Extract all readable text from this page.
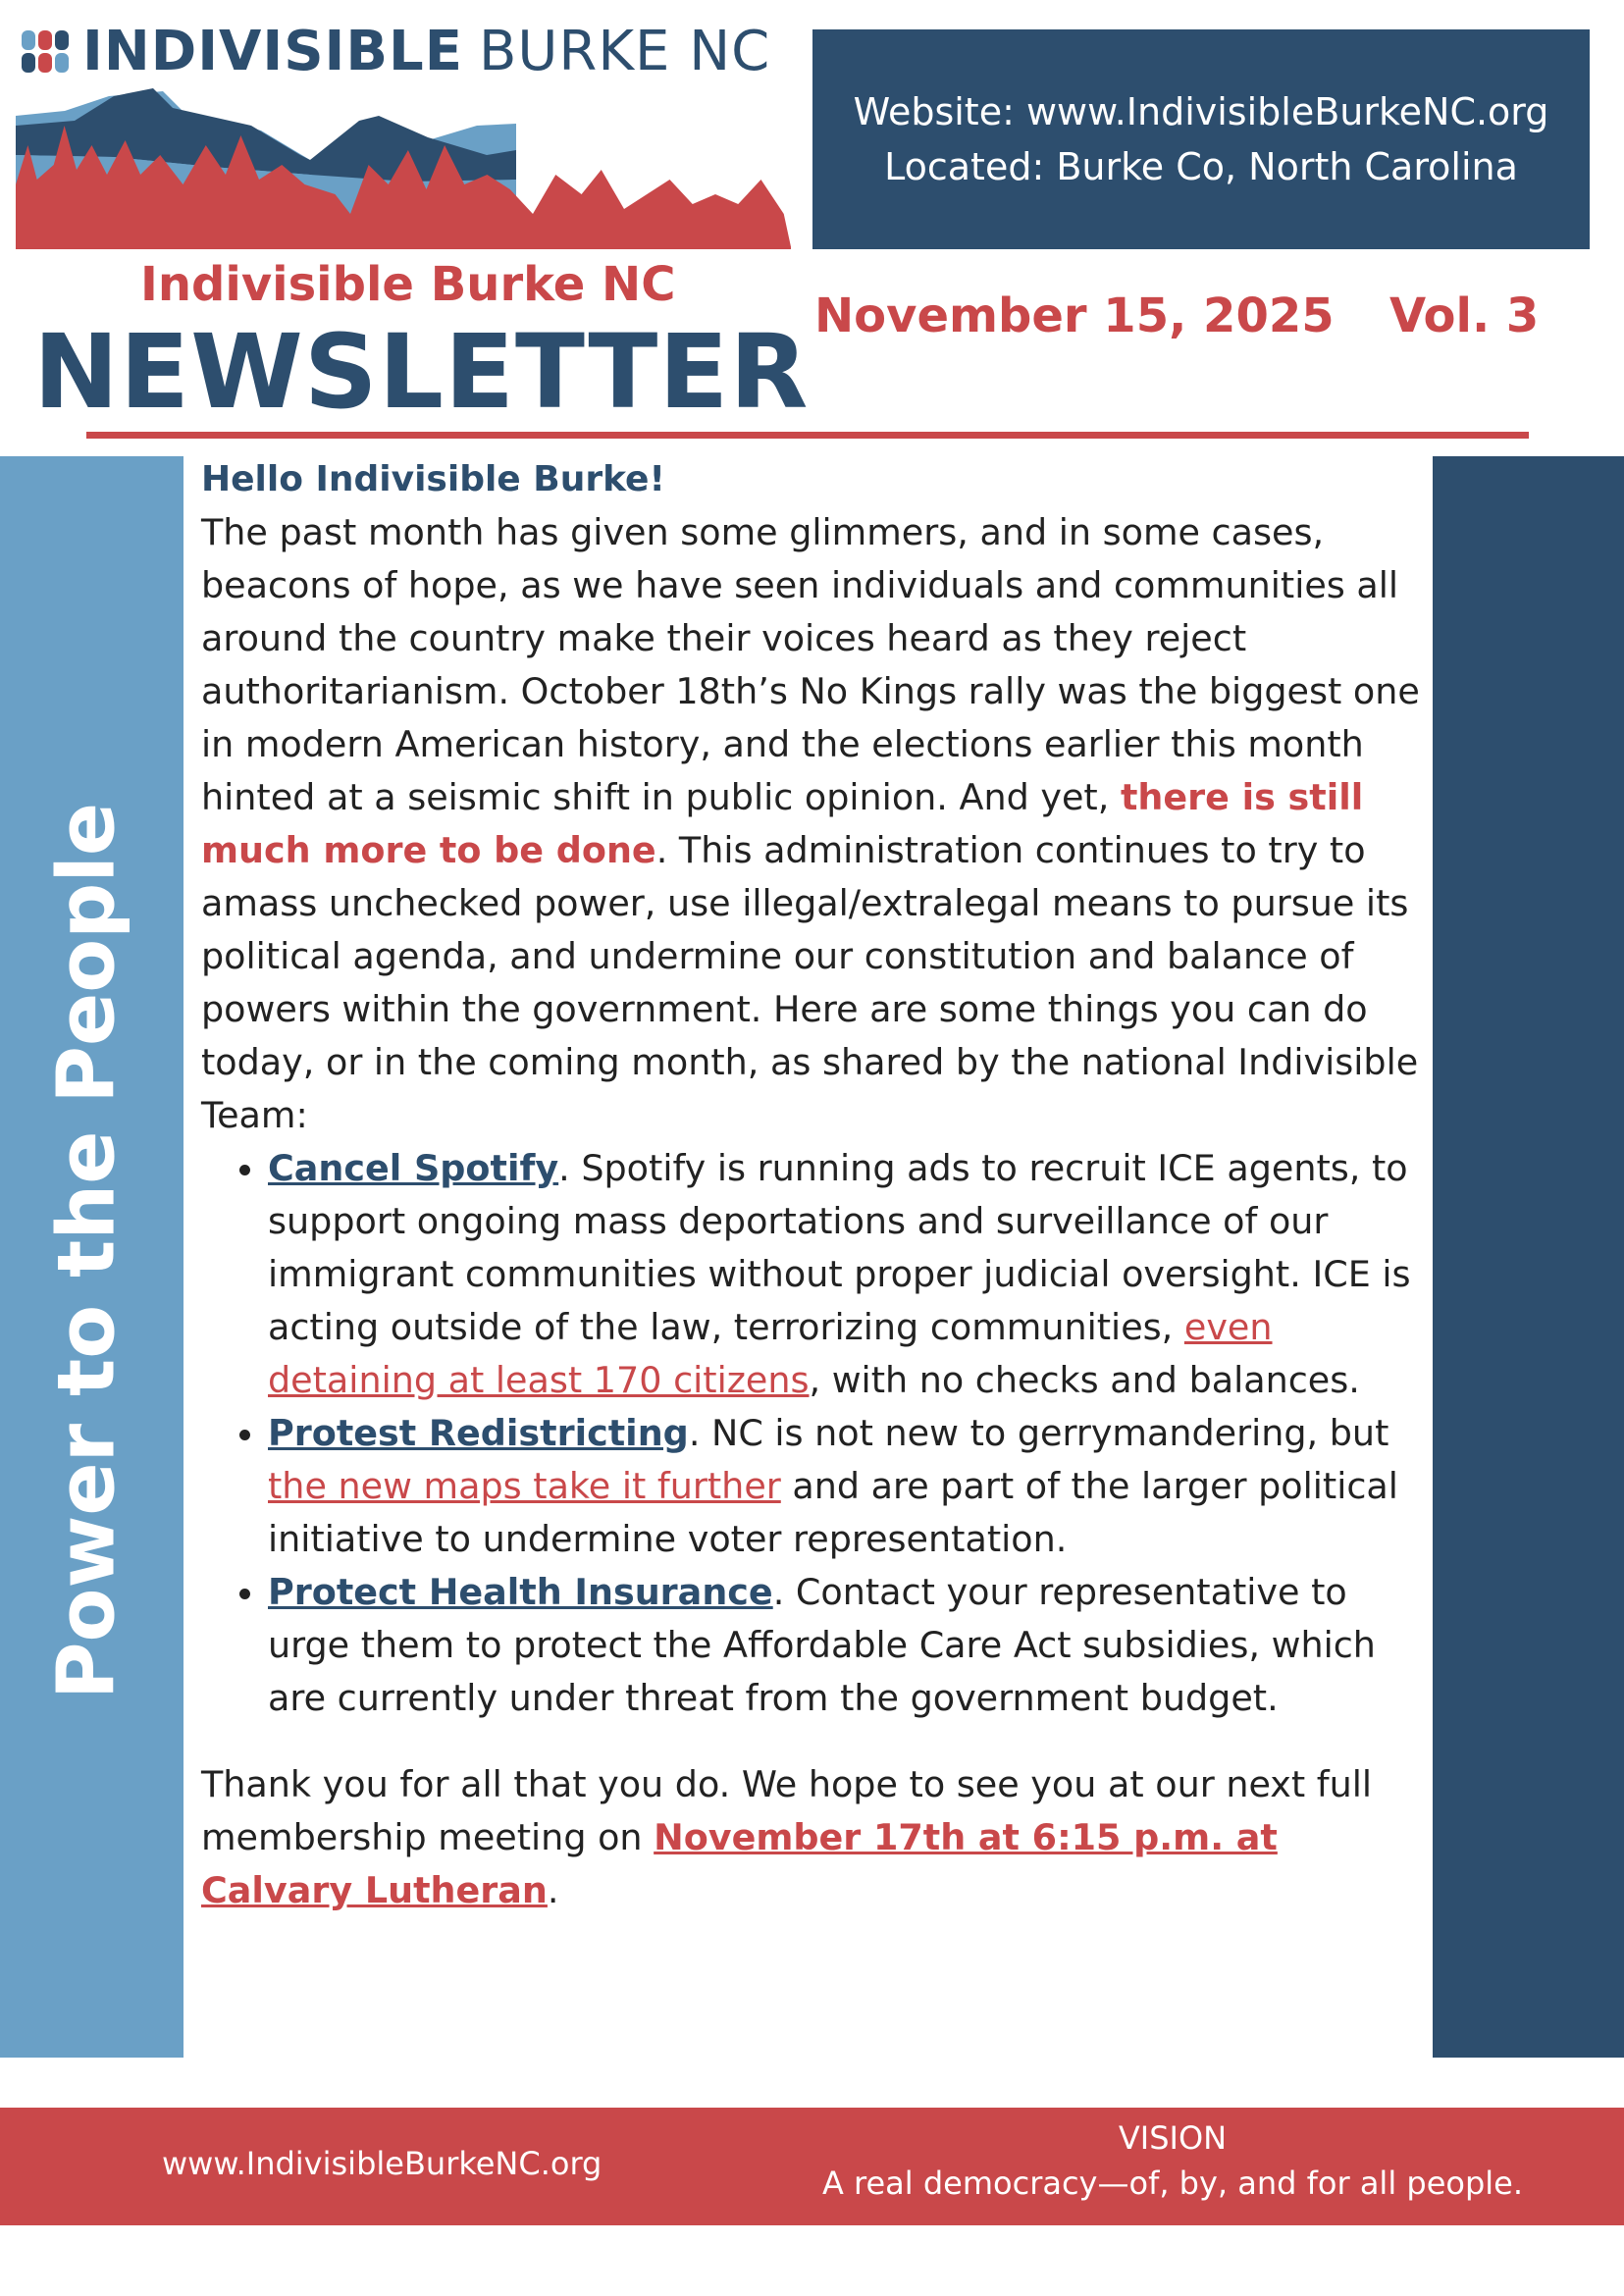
INDIVISIBLE BURKE NC
Website: www.IndivisibleBurkeNC.org
Located: Burke Co, North Carolina
Indivisible Burke NC
NEWSLETTER November 15, 2025 Vol. 3
Power to the People

Hello Indivisible Burke!

The past month has given some glimmers, and in some cases, beacons of hope, as we have seen individuals and communities all around the country make their voices heard as they reject authoritarianism. October 18th’s No Kings rally was the biggest one in modern American history, and the elections earlier this month hinted at a seismic shift in public opinion. And yet, there is still much more to be done. This administration continues to try to amass unchecked power, use illegal/extralegal means to pursue its political agenda, and undermine our constitution and balance of powers within the government. Here are some things you can do today, or in the coming month, as shared by the national Indivisible Team:

• Cancel Spotify. Spotify is running ads to recruit ICE agents, to support ongoing mass deportations and surveillance of our immigrant communities without proper judicial oversight. ICE is acting outside of the law, terrorizing communities, even detaining at least 170 citizens, with no checks and balances.
• Protest Redistricting. NC is not new to gerrymandering, but the new maps take it further and are part of the larger political initiative to undermine voter representation.
• Protect Health Insurance. Contact your representative to urge them to protect the Affordable Care Act subsidies, which are currently under threat from the government budget.

Thank you for all that you do. We hope to see you at our next full membership meeting on November 17th at 6:15 p.m. at Calvary Lutheran.

www.IndivisibleBurkeNC.org
VISION
A real democracy—of, by, and for all people.
